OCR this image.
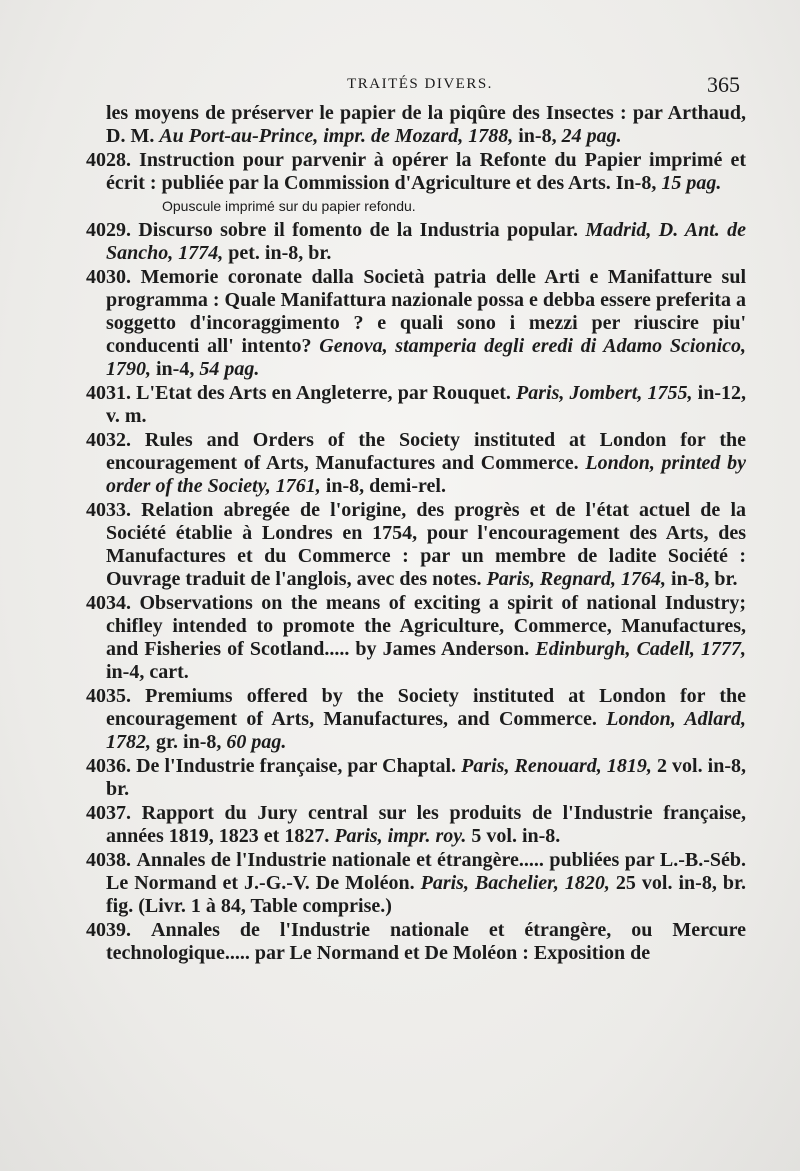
TRAITÉS DIVERS.	365

les moyens de préserver le papier de la piqûre des Insectes : par Arthaud, D. M. Au Port-au-Prince, impr. de Mozard, 1788, in-8, 24 pag.

4028. Instruction pour parvenir à opérer la Refonte du Papier imprimé et écrit : publiée par la Commission d'Agriculture et des Arts. In-8, 15 pag.

Opuscule imprimé sur du papier refondu.

4029. Discurso sobre il fomento de la Industria popular. Madrid, D. Ant. de Sancho, 1774, pet. in-8, br.

4030. Memorie coronate dalla Società patria delle Arti e Manifatture sul programma : Quale Manifattura nazionale possa e debba essere preferita a soggetto d'incoraggimento ? e quali sono i mezzi per riuscire piu' conducenti all' intento? Genova, stamperia degli eredi di Adamo Scionico, 1790, in-4, 54 pag.

4031. L'Etat des Arts en Angleterre, par Rouquet. Paris, Jombert, 1755, in-12, v. m.

4032. Rules and Orders of the Society instituted at London for the encouragement of Arts, Manufactures and Commerce. London, printed by order of the Society, 1761, in-8, demi-rel.

4033. Relation abregée de l'origine, des progrès et de l'état actuel de la Société établie à Londres en 1754, pour l'encouragement des Arts, des Manufactures et du Commerce : par un membre de ladite Société : Ouvrage traduit de l'anglois, avec des notes. Paris, Regnard, 1764, in-8, br.

4034. Observations on the means of exciting a spirit of national Industry; chifley intended to promote the Agriculture, Commerce, Manufactures, and Fisheries of Scotland..... by James Anderson. Edinburgh, Cadell, 1777, in-4, cart.

4035. Premiums offered by the Society instituted at London for the encouragement of Arts, Manufactures, and Commerce. London, Adlard, 1782, gr. in-8, 60 pag.

4036. De l'Industrie française, par Chaptal. Paris, Renouard, 1819, 2 vol. in-8, br.

4037. Rapport du Jury central sur les produits de l'Industrie française, années 1819, 1823 et 1827. Paris, impr. roy. 5 vol. in-8.

4038. Annales de l'Industrie nationale et étrangère..... publiées par L.-B.-Séb. Le Normand et J.-G.-V. De Moléon. Paris, Bachelier, 1820, 25 vol. in-8, br. fig. (Livr. 1 à 84, Table comprise.)

4039. Annales de l'Industrie nationale et étrangère, ou Mercure technologique..... par Le Normand et De Moléon : Exposition de
